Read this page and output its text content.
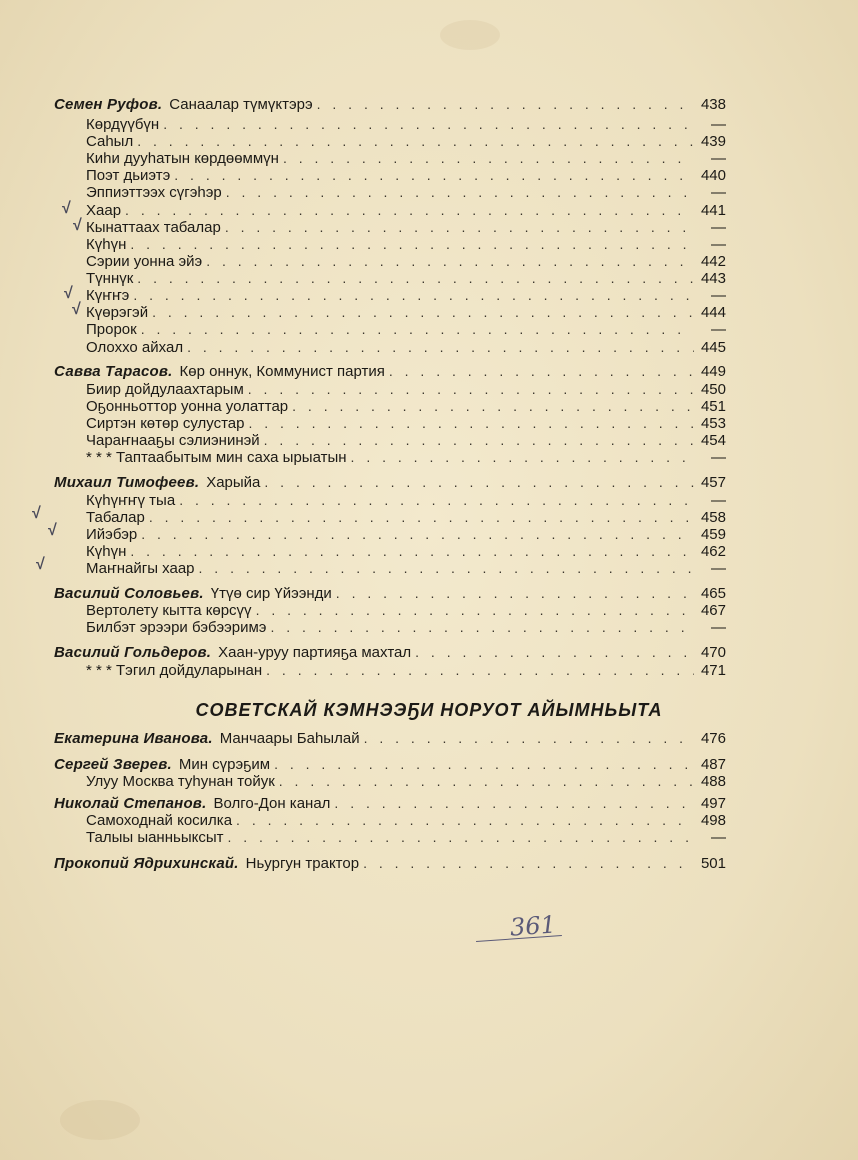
Семен Руфов. Санаалар түмүктэрэ . . .	438
Көрдүүбүн . . .	—
Саһыл . . .	439
Киһи дууһатын көрдөөммүн . . .	—
Поэт дьиэтэ . . .	440
Эппиэттээх сүгэһэр . . .	—
Хаар . . .	441
Кынаттаах табалар . . .	—
Күһүн . . .	—
Сэрии уонна эйэ . . .	442
Түннүк . . .	443
Күҥҥэ . . .	—
Күөрэгэй . . .	444
Пророк . . .	—
Олоххо айхал . . .	445
Савва Тарасов. Көр оннук, Коммунист партия . . .	449
Биир дойдулаахтарым . . .	450
Оҕонньоттор уонна уолаттар . . .	451
Сиртэн көтөр сулустар . . .	453
Чараҥнааҕы сэлиэнинэй . . .	454
* * * Таптаабытым мин саха ырыатын . . .	—
Михаил Тимофеев. Харыйа . . .	457
Күһүҥҥү тыа . . .	—
Табалар . . .	458
Ийэбэр . . .	459
Күһүн . . .	462
Маҥнайгы хаар . . .	—
Василий Соловьев. Үтүө сир Үйээнди . . .	465
Вертолету кытта көрсүү . . .	467
Билбэт эрээри бэбээримэ . . .	—
Василий Гольдеров. Хаан-уруу партияҕа махтал . . .	470
* * * Тэгил дойдуларынан . . .	471
СОВЕТСКАЙ КЭМНЭЭҔИ НОРУОТ АЙЫМНЬЫТА
Екатерина Иванова. Манчаары Баһылай . . .	476
Сергей Зверев. Мин сүрэҕим . . .	487
Улуу Москва туһунан тойук . . .	488
Николай Степанов. Волго-Дон канал . . .	497
Самоходнай косилка . . .	498
Талыы ыанньыксыт . . .	—
Прокопий Ядрихинскай. Ньургун трактор . . .	501
√
√
√
√
√
√
√
361
